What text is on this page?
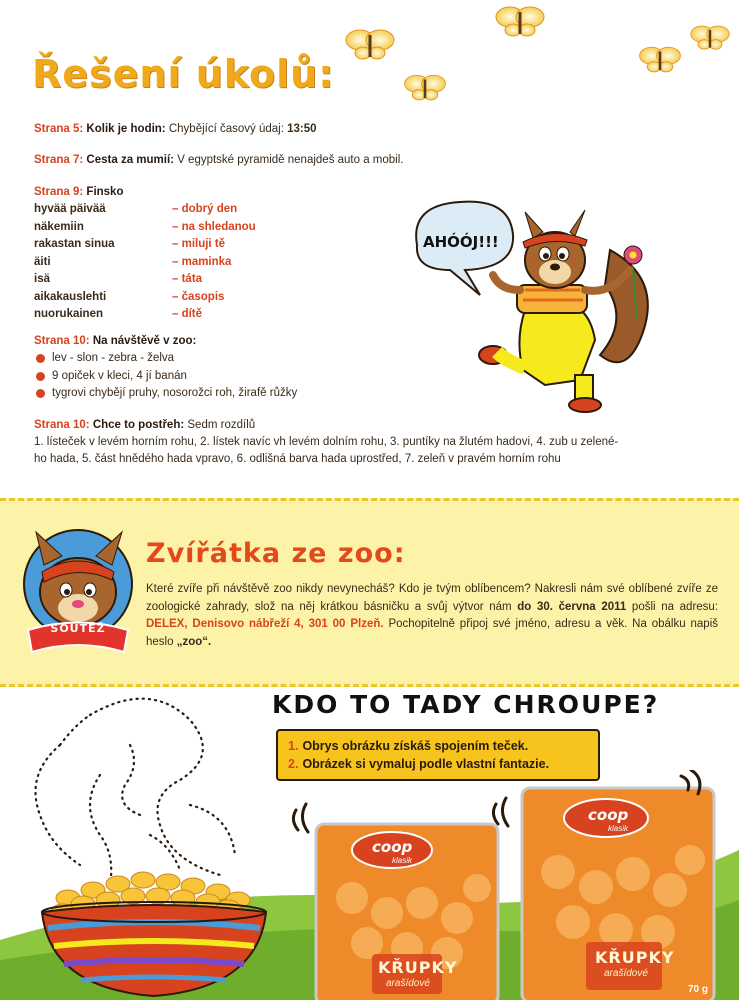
Řešení úkolů:
Strana 5: Kolik je hodin: Chybějící časový údaj: 13:50
Strana 7: Cesta za mumií: V egyptské pyramidě nenajdeš auto a mobil.
Strana 9: Finsko
hyvää päivää	– dobrý den
näkemiin	– na shledanou
rakastan sinua	– miluji tě
äiti	– maminka
isä	– táta
aikakauslehti	– časopis
nuorukainen	– dítě
Strana 10: Na návštěvě v zoo:
lev - slon - zebra - želva
9 opiček v kleci, 4 jí banán
tygrovi chybějí pruhy, nosorožci roh, žirafě růžky
Strana 10: Chce to postřeh: Sedm rozdílů
1. lísteček v levém horním rohu, 2. lístek navíc vh levém dolním rohu, 3. puntíky na žlutém hadovi, 4. zub u zelené-
ho hada, 5. část hnědého hada vpravo, 6. odlišná barva hada uprostřed, 7. zeleň v pravém horním rohu
AHÓÓJ!!!
SOUTĚŽ
Zvířátka ze zoo:
Které zvíře při návštěvě zoo nikdy nevynecháš? Kdo je tvým oblíbencem? Nakresli nám své oblíbené zvíře ze zoologické zahrady, slož na něj krátkou básničku a svůj výtvor nám do 30. června 2011 pošli na adresu: DELEX, Denisovo nábřeží 4, 301 00 Plzeň. Pochopitelně připoj své jméno, adresu a věk. Na obálku napiš heslo „zoo“.
KDO TO TADY CHROUPE?
1. Obrys obrázku získáš spojením teček.
2. Obrázek si vymaluj podle vlastní fantazie.
coop
klasik
KŘUPKY
arašídové
coop
klasik
KŘUPKY
arašídové
70 g
